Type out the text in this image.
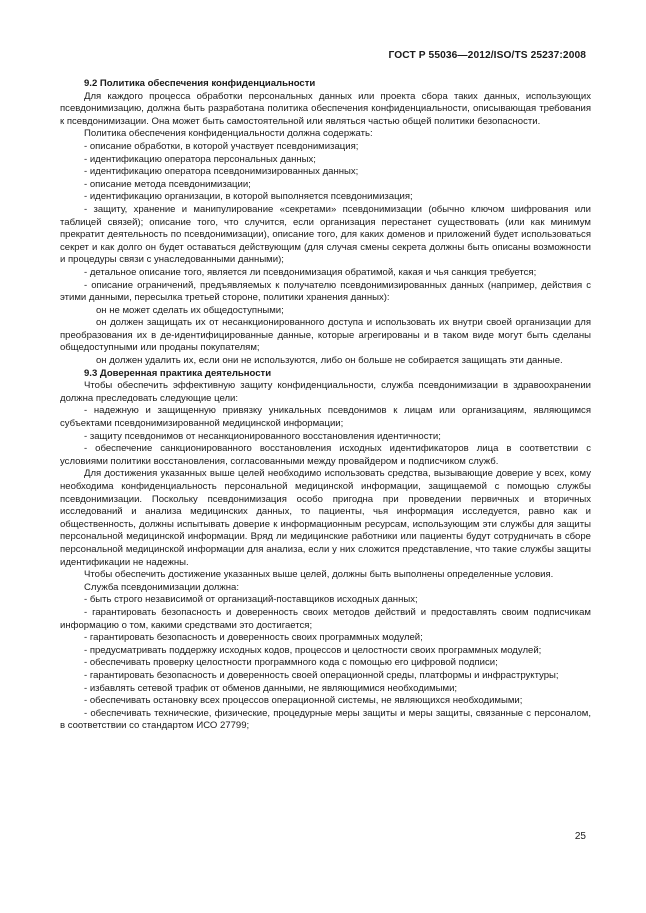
ГОСТ Р 55036—2012/ISO/TS 25237:2008
9.2 Политика обеспечения конфиденциальности

Для каждого процесса обработки персональных данных или проекта сбора таких данных, использующих псевдонимизацию, должна быть разработана политика обеспечения конфиденциальности, описывающая требования к псевдонимизации. Она может быть самостоятельной или являться частью общей политики безопасности.

Политика обеспечения конфиденциальности должна содержать:

- описание обработки, в которой участвует псевдонимизация;

- идентификацию оператора персональных данных;

- идентификацию оператора псевдонимизированных данных;

- описание метода псевдонимизации;

- идентификацию организации, в которой выполняется псевдонимизация;

- защиту, хранение и манипулирование «секретами» псевдонимизации (обычно ключом шифрования или таблицей связей); описание того, что случится, если организация перестанет существовать (или как минимум прекратит деятельность по псевдонимизации), описание того, для каких доменов и приложений будет использоваться секрет и как долго он будет оставаться действующим (для случая смены секрета должны быть описаны возможности и процедуры связи с унаследованными данными);

- детальное описание того, является ли псевдонимизация обратимой, какая и чья санкция требуется;

- описание ограничений, предъявляемых к получателю псевдонимизированных данных (например, действия с этими данными, пересылка третьей стороне, политики хранения данных):

он не может сделать их общедоступными;

он должен защищать их от несанкционированного доступа и использовать их внутри своей организации для преобразования их в де-идентифицированные данные, которые агрегированы и в таком виде могут быть сделаны общедоступными или проданы покупателям;

он должен удалить их, если они не используются, либо он больше не собирается защищать эти данные.

9.3 Доверенная практика деятельности

Чтобы обеспечить эффективную защиту конфиденциальности, служба псевдонимизации в здравоохранении должна преследовать следующие цели:

- надежную и защищенную привязку уникальных псевдонимов к лицам или организациям, являющимся субъектами псевдонимизированной медицинской информации;

- защиту псевдонимов от несанкционированного восстановления идентичности;

- обеспечение санкционированного восстановления исходных идентификаторов лица в соответствии с условиями политики восстановления, согласованными между провайдером и подписчиком служб.

Для достижения указанных выше целей необходимо использовать средства, вызывающие доверие у всех, кому необходима конфиденциальность персональной медицинской информации, защищаемой с помощью службы псевдонимизации. Поскольку псевдонимизация особо пригодна при проведении первичных и вторичных исследований и анализа медицинских данных, то пациенты, чья информация исследуется, равно как и общественность, должны испытывать доверие к информационным ресурсам, использующим эти службы для защиты персональной медицинской информации. Вряд ли медицинские работники или пациенты будут сотрудничать в сборе персональной медицинской информации для анализа, если у них сложится представление, что такие службы защиты идентификации не надежны.

Чтобы обеспечить достижение указанных выше целей, должны быть выполнены определенные условия.

Служба псевдонимизации должна:

- быть строго независимой от организаций-поставщиков исходных данных;

- гарантировать безопасность и доверенность своих методов действий и предоставлять своим подписчикам информацию о том, какими средствами это достигается;

- гарантировать безопасность и доверенность своих программных модулей;

- предусматривать поддержку исходных кодов, процессов и целостности своих программных модулей;

- обеспечивать проверку целостности программного кода с помощью его цифровой подписи;

- гарантировать безопасность и доверенность своей операционной среды, платформы и инфраструктуры;

- избавлять сетевой трафик от обменов данными, не являющимися необходимыми;

- обеспечивать остановку всех процессов операционной системы, не являющихся необходимыми;

- обеспечивать технические, физические, процедурные меры защиты и меры защиты, связанные с персоналом, в соответствии со стандартом ИСО 27799;

25
